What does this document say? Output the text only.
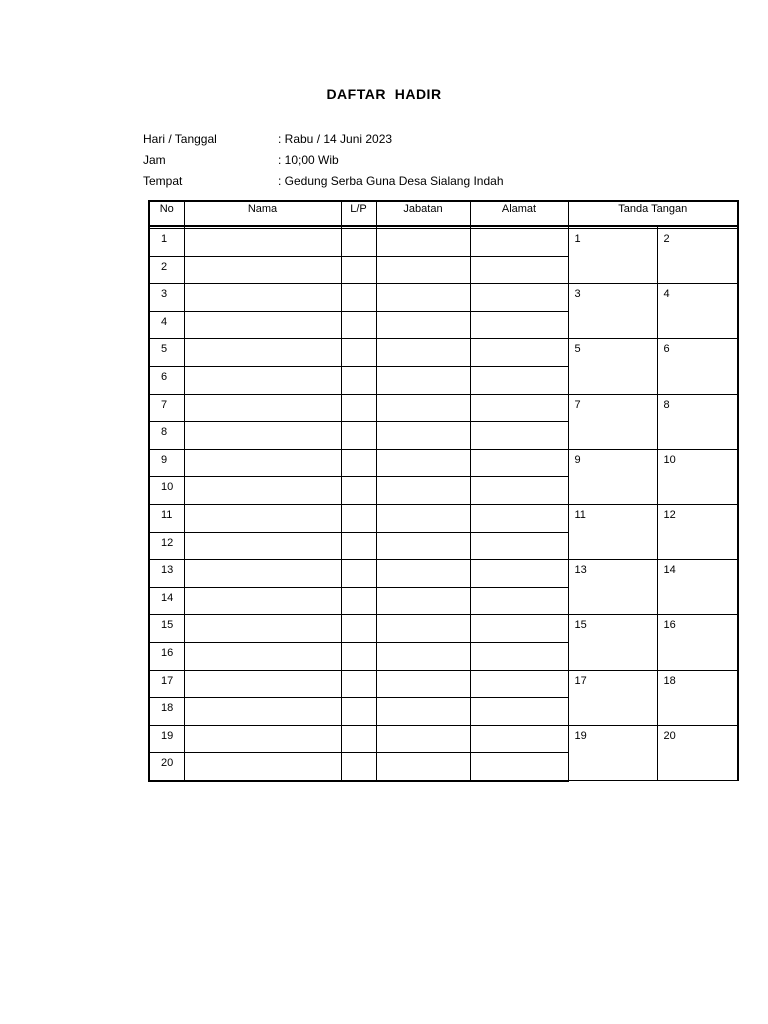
DAFTAR  HADIR
Hari / Tanggal	: Rabu / 14 Juni 2023
Jam	: 10;00 Wib
Tempat	: Gedung Serba Guna Desa Sialang Indah
No	Nama	L/P	Jabatan	Alamat	Tanda Tangan	

1					1	2
2						
3					3	4
4						
5					5	6
6						
7					7	8
8						
9					9	10
10						
11					11	12
12						
13					13	14
14						
15					15	16
16						
17					17	18
18						
19					19	20
20						
